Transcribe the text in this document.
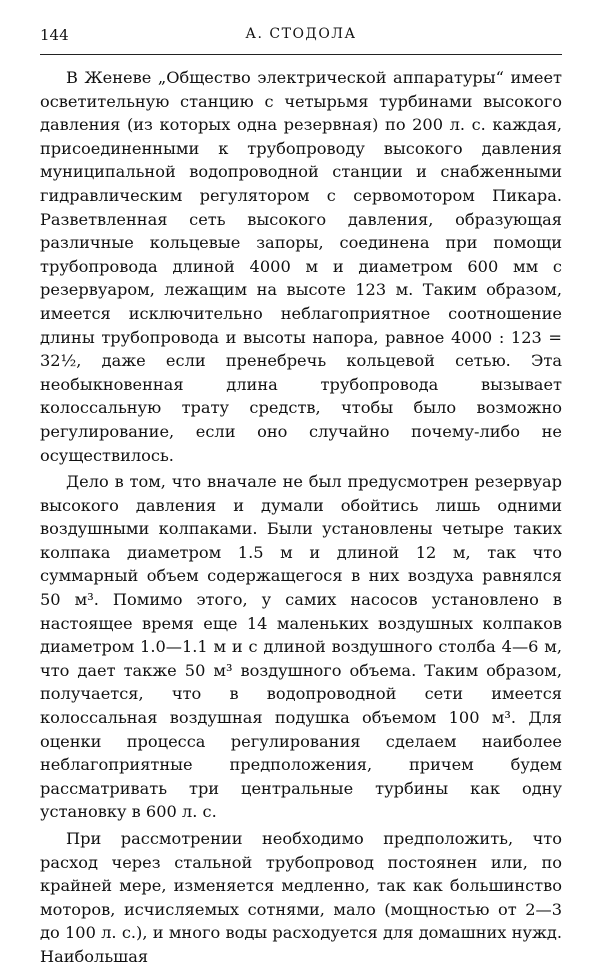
144	А. СТОДОЛА

В Женеве „Общество электрической аппаратуры“ имеет осветительную станцию с четырьмя турбинами высокого давления (из которых одна резервная) по 200 л. с. каждая, присоединенными к трубопроводу высокого давления муниципальной водопроводной станции и снабженными гидравлическим регулятором с сервомотором Пикара. Разветвленная сеть высокого давления, образующая различные кольцевые запоры, соединена при помощи трубопровода длиной 4000 м и диаметром 600 мм с резервуаром, лежащим на высоте 123 м. Таким образом, имеется исключительно неблагоприятное соотношение длины трубопровода и высоты напора, равное 4000 : 123 = 32½, даже если пренебречь кольцевой сетью. Эта необыкновенная длина трубопровода вызывает колоссальную трату средств, чтобы было возможно регулирование, если оно случайно почему-либо не осуществилось.

Дело в том, что вначале не был предусмотрен резервуар высокого давления и думали обойтись лишь одними воздушными колпаками. Были установлены четыре таких колпака диаметром 1.5 м и длиной 12 м, так что суммарный объем содержащегося в них воздуха равнялся 50 м³. Помимо этого, у самих насосов установлено в настоящее время еще 14 маленьких воздушных колпаков диаметром 1.0—1.1 м и с длиной воздушного столба 4—6 м, что дает также 50 м³ воздушного объема. Таким образом, получается, что в водопроводной сети имеется колоссальная воздушная подушка объемом 100 м³. Для оценки процесса регулирования сделаем наиболее неблагоприятные предположения, причем будем рассматривать три центральные турбины как одну установку в 600 л. с.

При рассмотрении необходимо предположить, что расход через стальной трубопровод постоянен или, по крайней мере, изменяется медленно, так как большинство моторов, исчисляемых сотнями, мало (мощностью от 2—3 до 100 л. с.), и много воды расходуется для домашних нужд. Наибольшая
